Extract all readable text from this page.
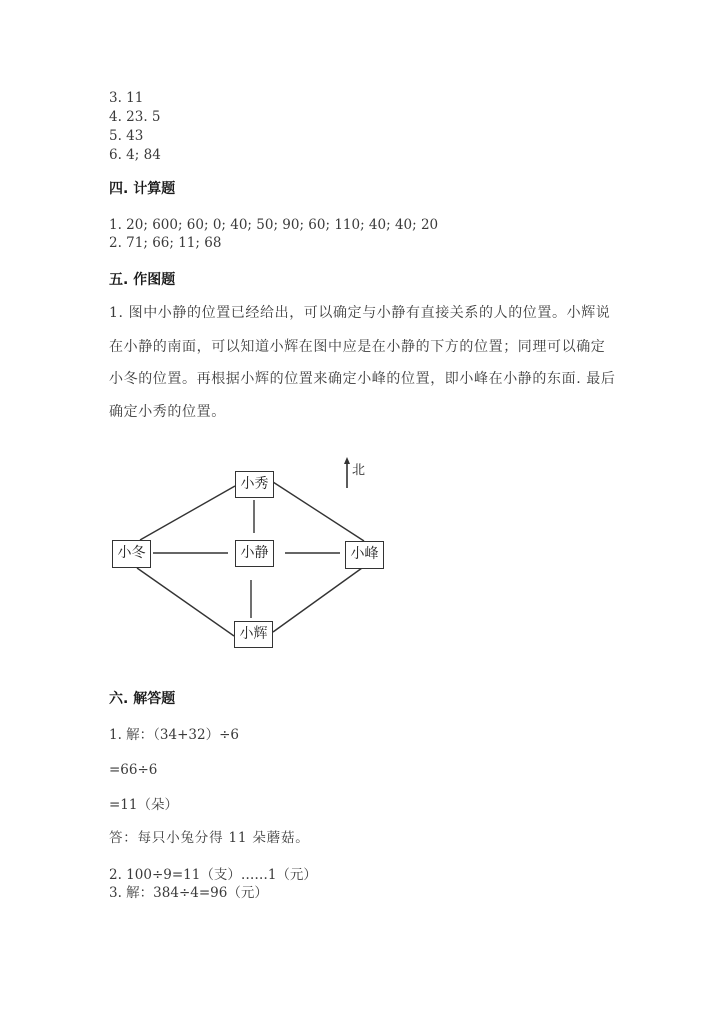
3. 11
4. 23. 5
5. 43
6. 4; 84
四. 计算题
1. 20; 600; 60; 0; 40; 50; 90; 60; 110; 40; 40; 20
2. 71; 66; 11; 68
五. 作图题
1. 图中小静的位置已经给出，可以确定与小静有直接关系的人的位置。小辉说
在小静的南面，可以知道小辉在图中应是在小静的下方的位置；同理可以确定
小冬的位置。再根据小辉的位置来确定小峰的位置，即小峰在小静的东面. 最后
确定小秀的位置。
北
小秀
小冬	小静	小峰
小辉
六. 解答题
1. 解：（34+32）÷6
=66÷6
=11（朵）
答：每只小兔分得 11 朵蘑菇。
2. 100÷9=11（支）……1（元）
3. 解：384÷4=96（元）
